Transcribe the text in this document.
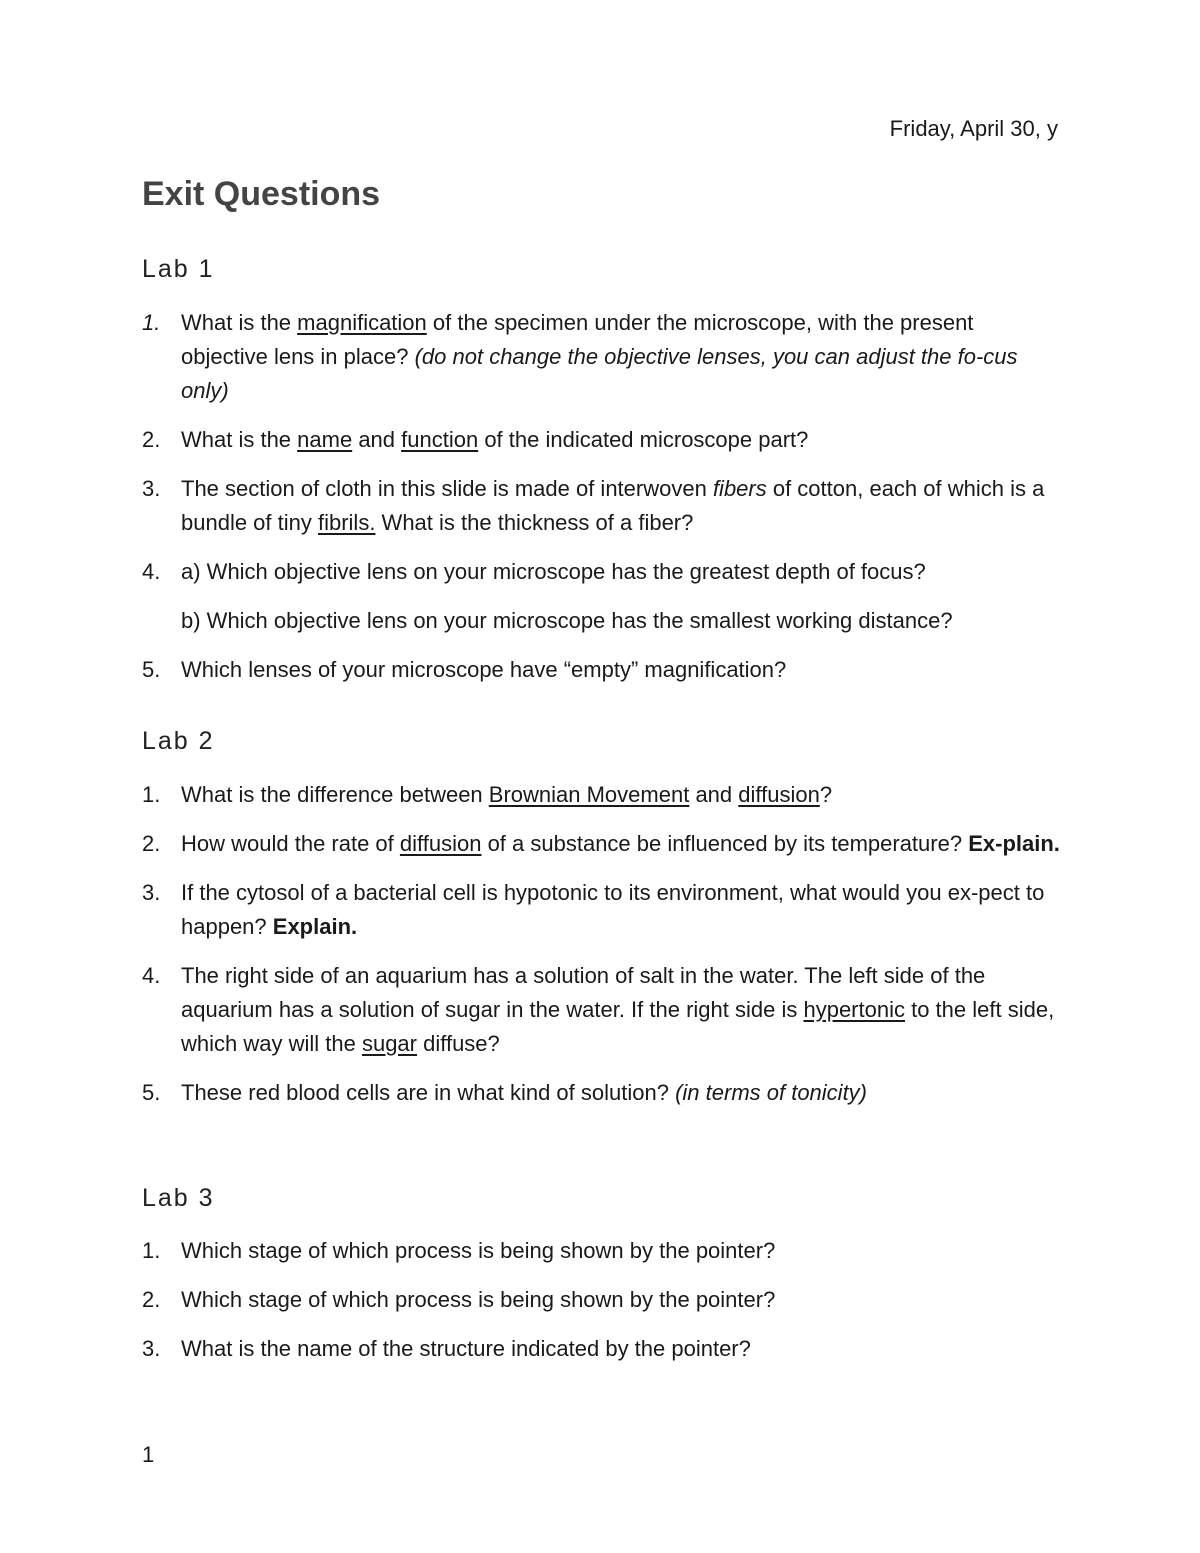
Friday, April 30, y
Exit Questions
Lab 1
1. What is the magnification of the specimen under the microscope, with the present objective lens in place? (do not change the objective lenses, you can adjust the fo-cus only)
2. What is the name and function of the indicated microscope part?
3. The section of cloth in this slide is made of interwoven fibers of cotton, each of which is a bundle of tiny fibrils. What is the thickness of a fiber?
4. a) Which objective lens on your microscope has the greatest depth of focus?
b) Which objective lens on your microscope has the smallest working distance?
5. Which lenses of your microscope have “empty” magnification?
Lab 2
1. What is the difference between Brownian Movement and diffusion?
2. How would the rate of diffusion of a substance be influenced by its temperature? Ex-plain.
3. If the cytosol of a bacterial cell is hypotonic to its environment, what would you ex-pect to happen? Explain.
4. The right side of an aquarium has a solution of salt in the water. The left side of the aquarium has a solution of sugar in the water. If the right side is hypertonic to the left side, which way will the sugar diffuse?
5. These red blood cells are in what kind of solution? (in terms of tonicity)
Lab 3
1. Which stage of which process is being shown by the pointer?
2. Which stage of which process is being shown by the pointer?
3. What is the name of the structure indicated by the pointer?
1
